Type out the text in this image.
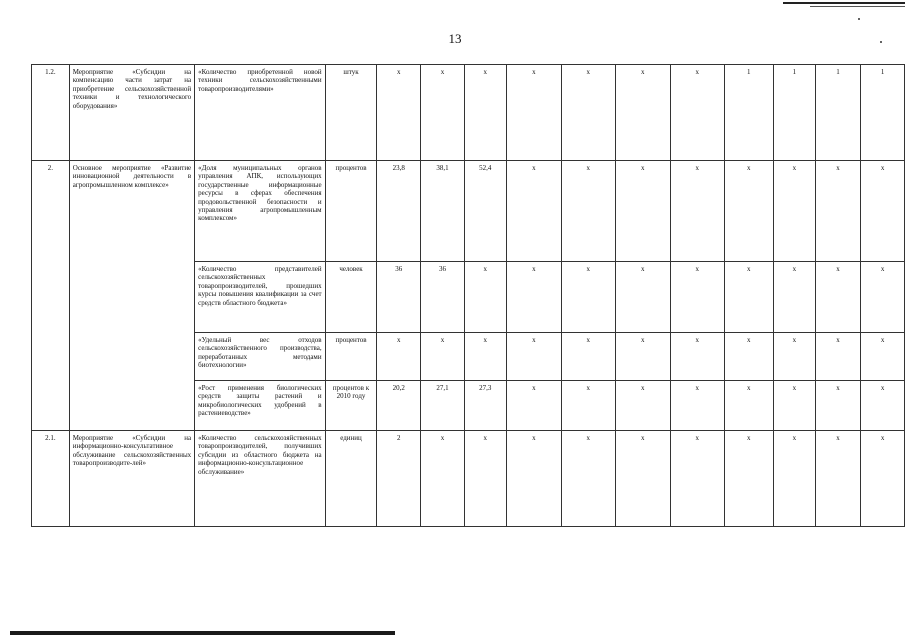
13
1.2.	Мероприятие «Субсидии на компенсацию части затрат на приобретение сельскохозяйственной техники и технологического оборудования»	«Количество приобретенной новой техники сельскохозяйственными товаропроизводителями»	штук	x	x	x	x	x	x	x	1	1	1	1
2.	Основное мероприятие «Развитие инновационной деятельности в агропромышленном комплексе»	«Доля муниципальных органов управления АПК, использующих государственные информационные ресурсы в сферах обеспечения продовольственной безопасности и управления агропромышленным комплексом»	процентов	23,8	38,1	52,4	x	x	x	x	x	x	x	x
		«Количество представителей сельскохозяйственных товаропроизводителей, прошедших курсы повышения квалификации за счет средств областного бюджета»	человек	36	36	x	x	x	x	x	x	x	x	x
		«Удельный вес отходов сельскохозяйственного производства, переработанных методами биотехнологии»	процентов	x	x	x	x	x	x	x	x	x	x	x
		«Рост применения биологических средств защиты растений и микробиологических удобрений в растениеводстве»	процентов к 2010 году	20,2	27,1	27,3	x	x	x	x	x	x	x	x
2.1.	Мероприятие «Субсидии на информационно-консультативное обслуживание сельскохозяйственных товаропроизводите-лей»	«Количество сельскохозяйственных товаропроизводителей, получивших субсидии из областного бюджета на информационно-консультационное обслуживание»	единиц	2	x	x	x	x	x	x	x	x	x	x
